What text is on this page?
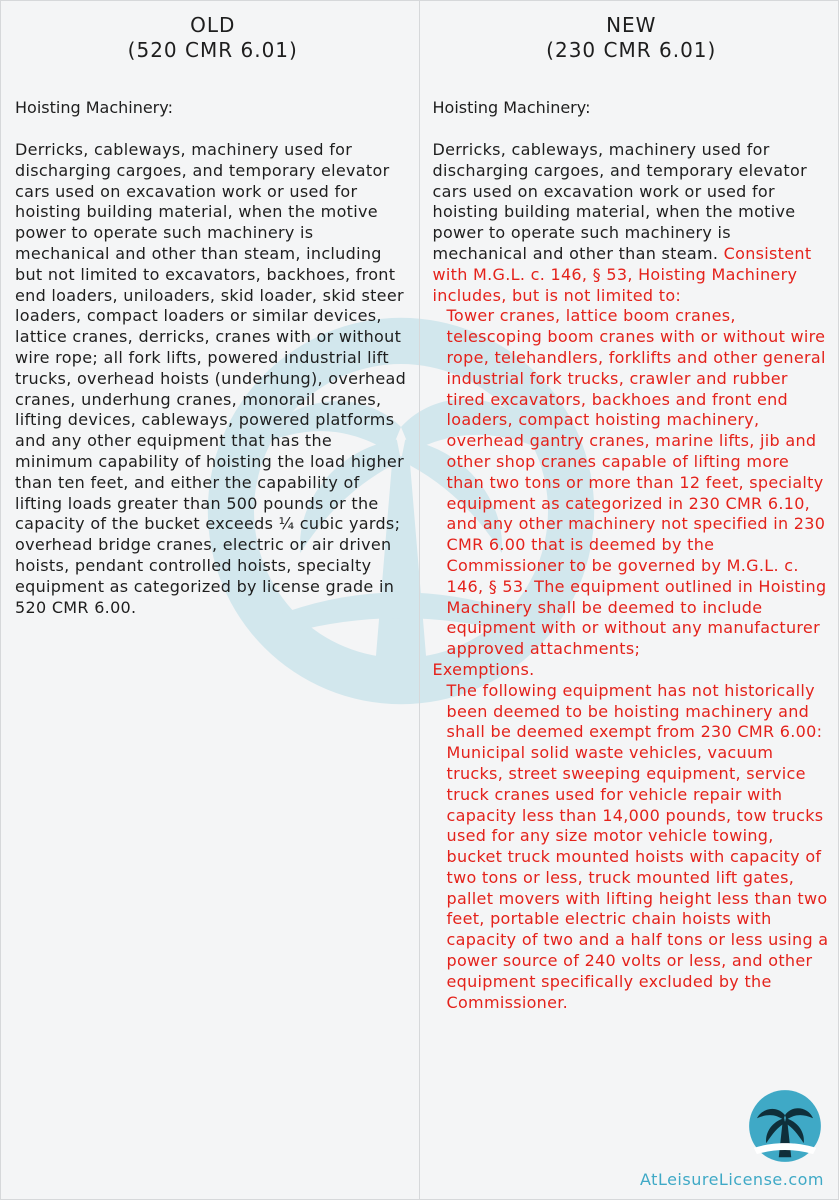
OLD
(520 CMR 6.01)
Hoisting Machinery:
Derricks, cableways, machinery used for discharging cargoes, and temporary elevator cars used on excavation work or used for hoisting building material, when the motive power to operate such machinery is mechanical and other than steam, including but not limited to excavators, backhoes, front end loaders, uniloaders, skid loader, skid steer loaders, compact loaders or similar devices, lattice cranes, derricks, cranes with or without wire rope; all fork lifts, powered industrial lift trucks, overhead hoists (underhung), overhead cranes, underhung cranes, monorail cranes, lifting devices, cableways, powered platforms and any other equipment that has the minimum capability of hoisting the load higher than ten feet, and either the capability of lifting loads greater than 500 pounds or the capacity of the bucket exceeds ¼ cubic yards; overhead bridge cranes, electric or air driven hoists, pendant controlled hoists, specialty equipment as categorized by license grade in 520 CMR 6.00.
NEW
(230 CMR 6.01)
Hoisting Machinery:
Derricks, cableways, machinery used for discharging cargoes, and temporary elevator cars used on excavation work or used for hoisting building material, when the motive power to operate such machinery is mechanical and other than steam. Consistent with M.G.L. c. 146, § 53, Hoisting Machinery includes, but is not limited to:
Tower cranes, lattice boom cranes, telescoping boom cranes with or without wire rope, telehandlers, forklifts and other general industrial fork trucks, crawler and rubber tired excavators, backhoes and front end loaders, compact hoisting machinery, overhead gantry cranes, marine lifts, jib and other shop cranes capable of lifting more than two tons or more than 12 feet, specialty equipment as categorized in 230 CMR 6.10, and any other machinery not specified in 230 CMR 6.00 that is deemed by the Commissioner to be governed by M.G.L. c. 146, § 53. The equipment outlined in Hoisting Machinery shall be deemed to include equipment with or without any manufacturer approved attachments;
Exemptions.
The following equipment has not historically been deemed to be hoisting machinery and shall be deemed exempt from 230 CMR 6.00: Municipal solid waste vehicles, vacuum trucks, street sweeping equipment, service truck cranes used for vehicle repair with capacity less than 14,000 pounds, tow trucks used for any size motor vehicle towing, bucket truck mounted hoists with capacity of two tons or less, truck mounted lift gates, pallet movers with lifting height less than two feet, portable electric chain hoists with capacity of two and a half tons or less using a power source of 240 volts or less, and other equipment specifically excluded by the Commissioner.
AtLeisureLicense.com
